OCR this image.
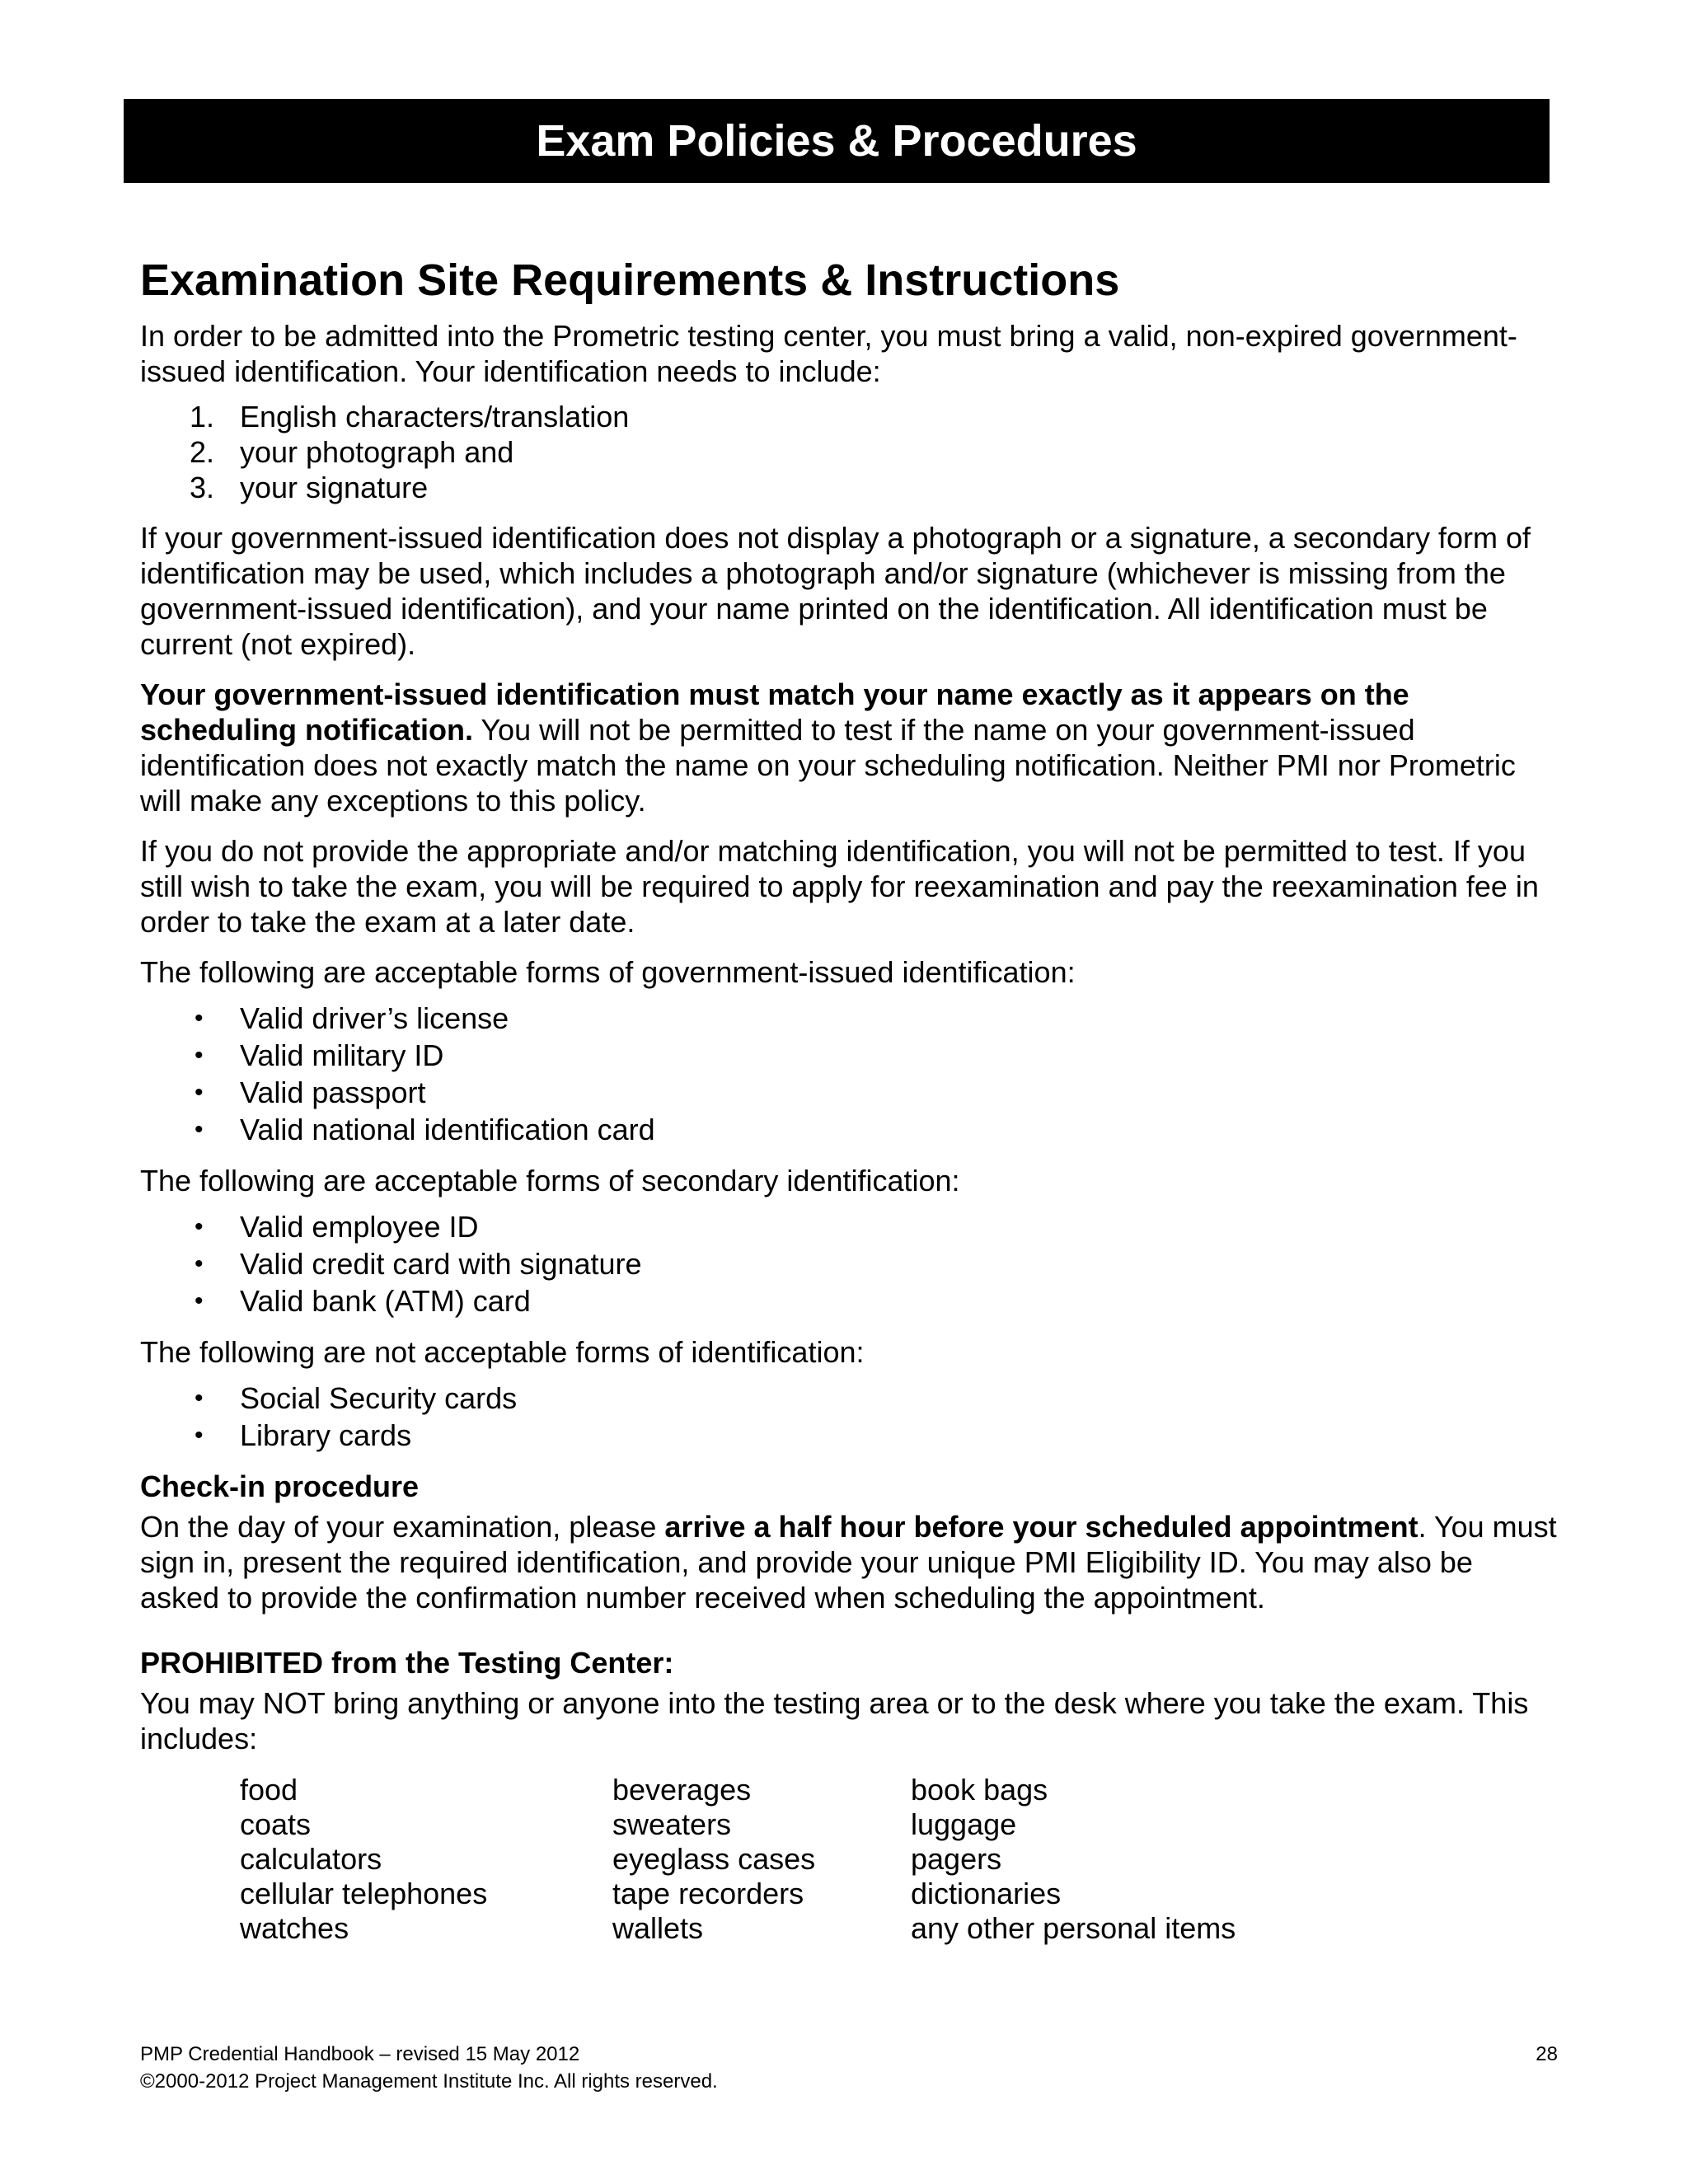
Exam Policies & Procedures
Examination Site Requirements & Instructions

In order to be admitted into the Prometric testing center, you must bring a valid, non-expired government-issued identification. Your identification needs to include:

1. English characters/translation
2. your photograph and
3. your signature

If your government-issued identification does not display a photograph or a signature, a secondary form of identification may be used, which includes a photograph and/or signature (whichever is missing from the government-issued identification), and your name printed on the identification. All identification must be current (not expired).

Your government-issued identification must match your name exactly as it appears on the scheduling notification. You will not be permitted to test if the name on your government-issued identification does not exactly match the name on your scheduling notification. Neither PMI nor Prometric will make any exceptions to this policy.

If you do not provide the appropriate and/or matching identification, you will not be permitted to test. If you still wish to take the exam, you will be required to apply for reexamination and pay the reexamination fee in order to take the exam at a later date.

The following are acceptable forms of government-issued identification:

• Valid driver’s license
• Valid military ID
• Valid passport
• Valid national identification card

The following are acceptable forms of secondary identification:

• Valid employee ID
• Valid credit card with signature
• Valid bank (ATM) card

The following are not acceptable forms of identification:

• Social Security cards
• Library cards
Check-in procedure

On the day of your examination, please arrive a half hour before your scheduled appointment. You must sign in, present the required identification, and provide your unique PMI Eligibility ID. You may also be asked to provide the confirmation number received when scheduling the appointment.

PROHIBITED from the Testing Center:

You may NOT bring anything or anyone into the testing area or to the desk where you take the exam. This includes:

food	beverages	book bags
coats	sweaters	luggage
calculators	eyeglass cases	pagers
cellular telephones	tape recorders	dictionaries
watches	wallets	any other personal items
PMP Credential Handbook – revised 15 May 2012
©2000-2012 Project Management Institute Inc. All rights reserved.
28
